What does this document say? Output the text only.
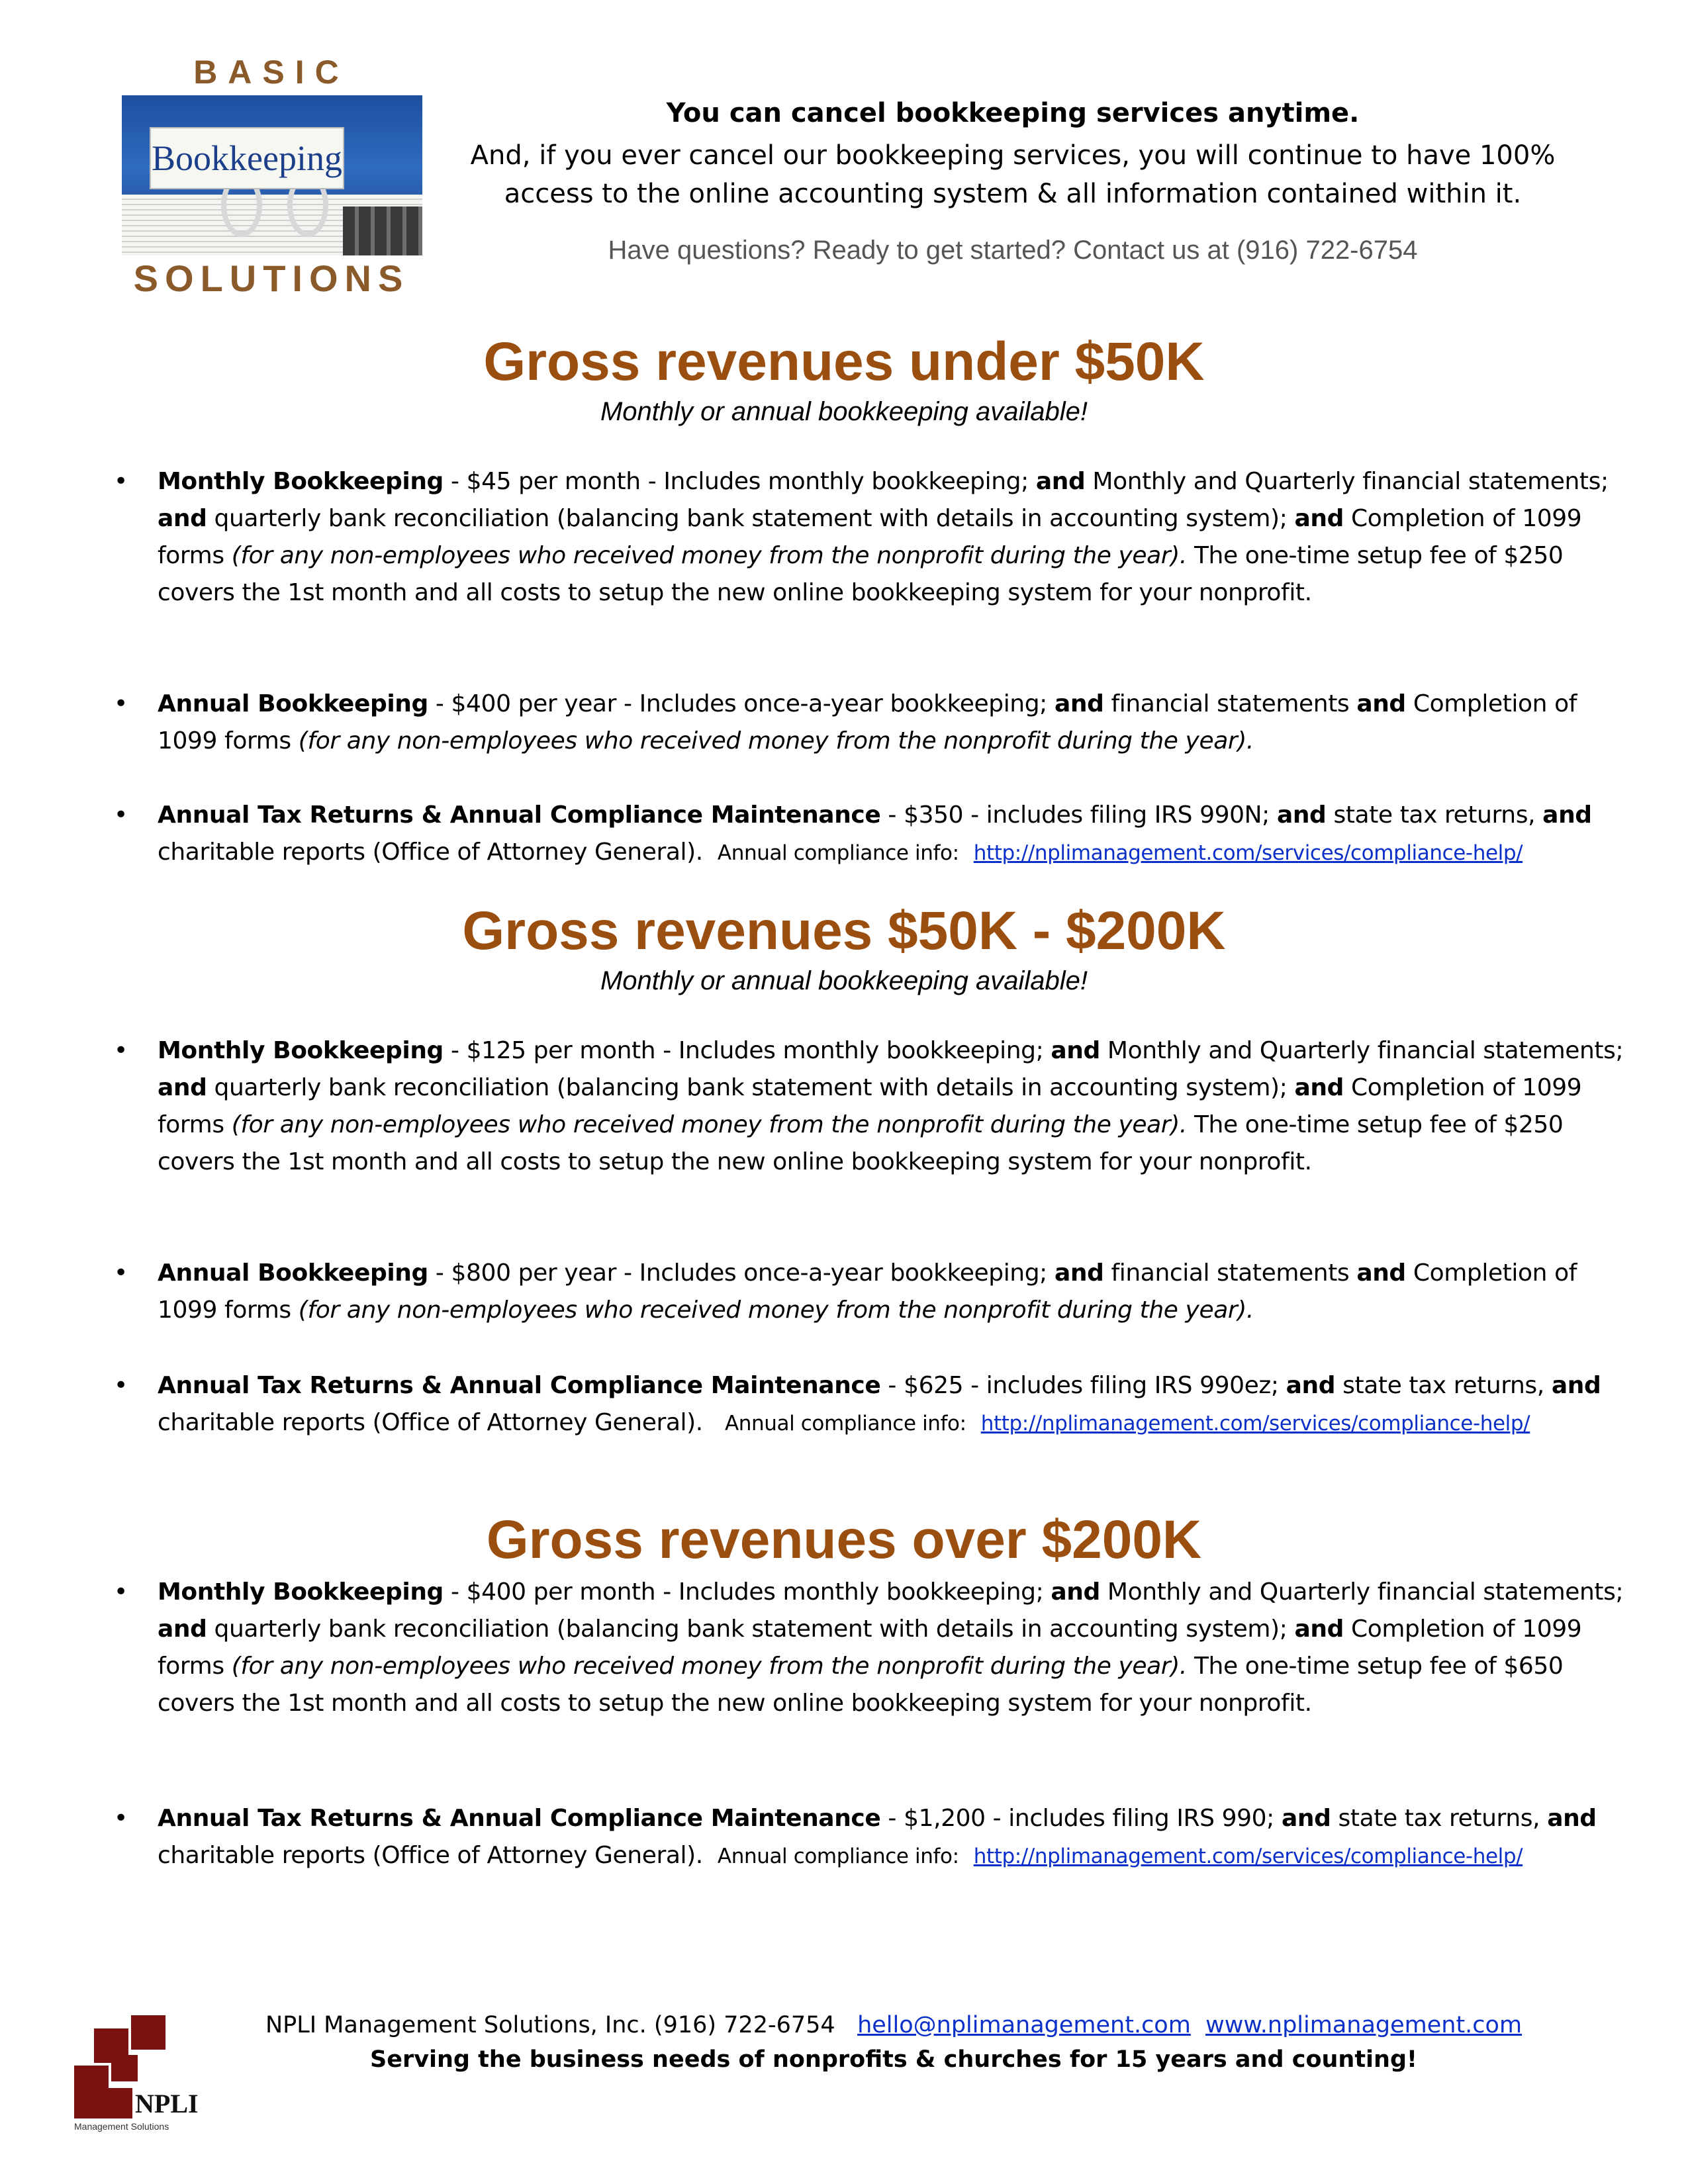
BASIC
Bookkeeping
SOLUTIONS
You can cancel bookkeeping services anytime.
And, if you ever cancel our bookkeeping services, you will continue to have 100%
access to the online accounting system & all information contained within it.
Have questions? Ready to get started? Contact us at (916) 722-6754
Gross revenues under $50K
Monthly or annual bookkeeping available!
• Monthly Bookkeeping - $45 per month - Includes monthly bookkeeping; and Monthly and Quarterly financial statements; and quarterly bank reconciliation (balancing bank statement with details in accounting system); and Completion of 1099 forms (for any non-employees who received money from the nonprofit during the year). The one-time setup fee of $250 covers the 1st month and all costs to setup the new online bookkeeping system for your nonprofit.
• Annual Bookkeeping - $400 per year - Includes once-a-year bookkeeping; and financial statements and Completion of 1099 forms (for any non-employees who received money from the nonprofit during the year).
• Annual Tax Returns & Annual Compliance Maintenance - $350 - includes filing IRS 990N; and state tax returns, and charitable reports (Office of Attorney General). Annual compliance info: http://nplimanagement.com/services/compliance-help/
Gross revenues $50K - $200K
Monthly or annual bookkeeping available!
• Monthly Bookkeeping - $125 per month - Includes monthly bookkeeping; and Monthly and Quarterly financial statements; and quarterly bank reconciliation (balancing bank statement with details in accounting system); and Completion of 1099 forms (for any non-employees who received money from the nonprofit during the year). The one-time setup fee of $250 covers the 1st month and all costs to setup the new online bookkeeping system for your nonprofit.
• Annual Bookkeeping - $800 per year - Includes once-a-year bookkeeping; and financial statements and Completion of 1099 forms (for any non-employees who received money from the nonprofit during the year).
• Annual Tax Returns & Annual Compliance Maintenance - $625 - includes filing IRS 990ez; and state tax returns, and charitable reports (Office of Attorney General). Annual compliance info: http://nplimanagement.com/services/compliance-help/
Gross revenues over $200K
• Monthly Bookkeeping - $400 per month - Includes monthly bookkeeping; and Monthly and Quarterly financial statements; and quarterly bank reconciliation (balancing bank statement with details in accounting system); and Completion of 1099 forms (for any non-employees who received money from the nonprofit during the year). The one-time setup fee of $650 covers the 1st month and all costs to setup the new online bookkeeping system for your nonprofit.
• Annual Tax Returns & Annual Compliance Maintenance - $1,200 - includes filing IRS 990; and state tax returns, and charitable reports (Office of Attorney General). Annual compliance info: http://nplimanagement.com/services/compliance-help/
NPLI
Management Solutions
NPLI Management Solutions, Inc. (916) 722-6754 hello@nplimanagement.com www.nplimanagement.com
Serving the business needs of nonprofits & churches for 15 years and counting!
